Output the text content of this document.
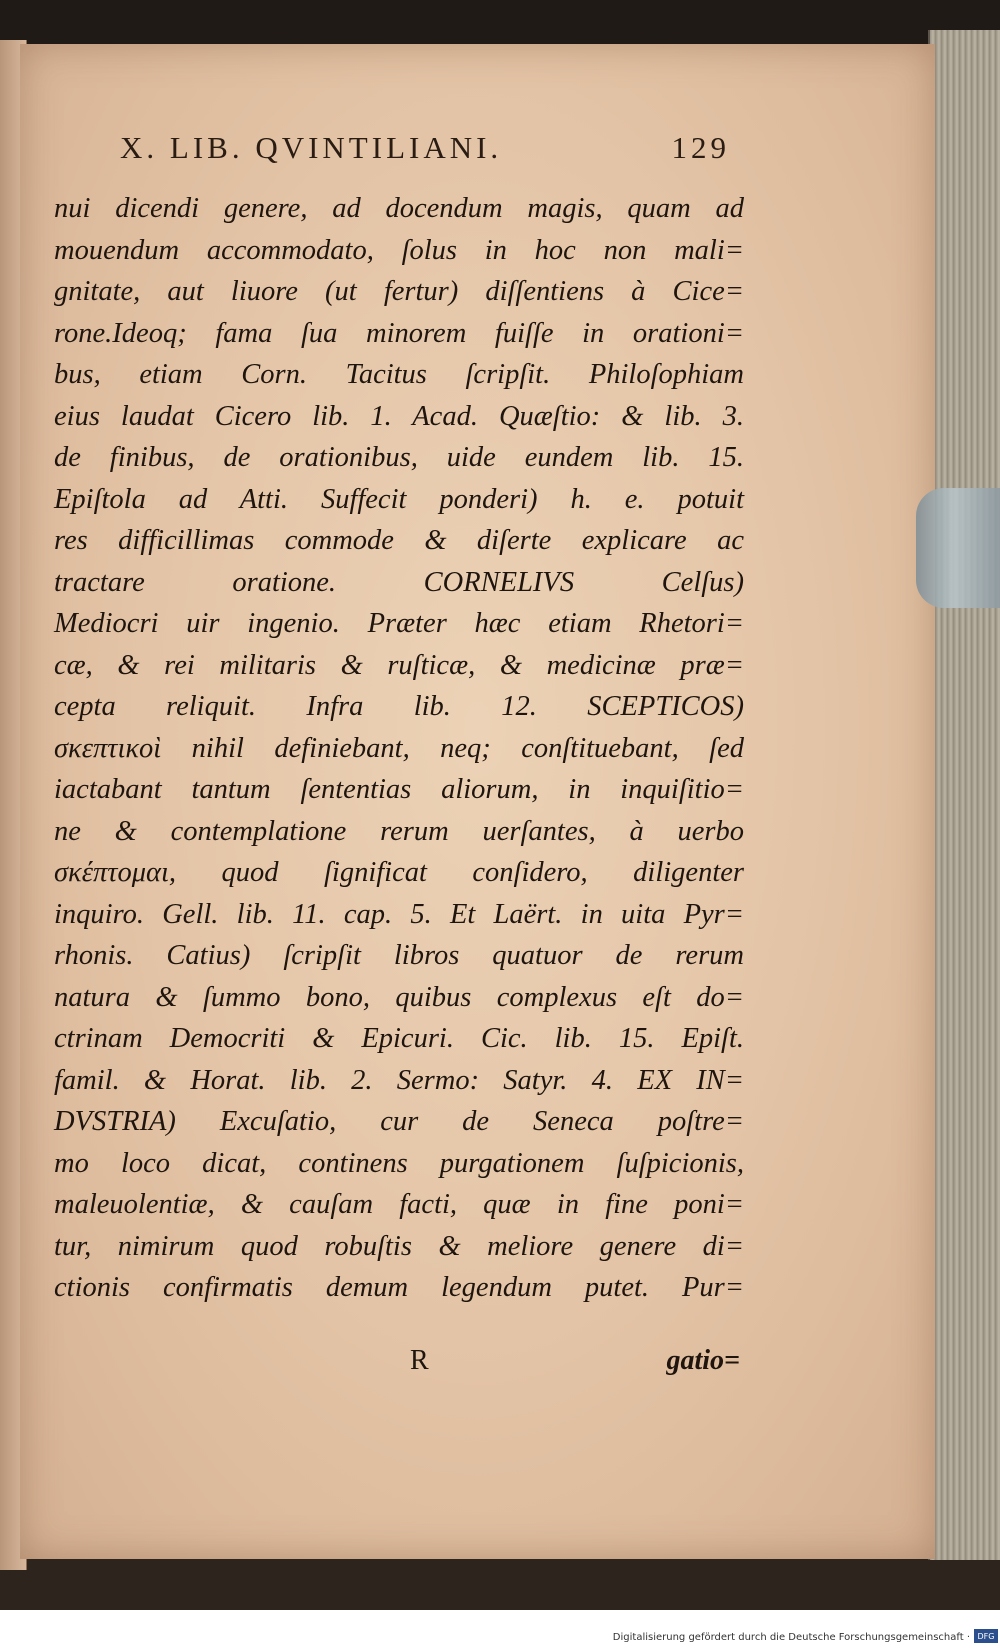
X. LIB. QVINTILIANI.	129
nui dicendi genere, ad docendum magis, quam ad
mouendum accommodato, ſolus in hoc non mali=
gnitate, aut liuore (ut fertur) diſſentiens à Cice=
rone.Ideoq; fama ſua minorem fuiſſe in orationi=
bus, etiam Corn. Tacitus ſcripſit. Philoſophiam
eius laudat Cicero lib. 1. Acad. Quæſtio: & lib. 3.
de finibus, de orationibus, uide eundem lib. 15.
Epiſtola ad Atti. Suffecit ponderi) h. e. potuit
res difficillimas commode & diſerte explicare ac
tractare oratione. CORNELIVS Celſus)
Mediocri uir ingenio. Præter hæc etiam Rhetori=
cæ, & rei militaris & ruſticæ, & medicinæ præ=
cepta reliquit. Infra lib. 12. SCEPTICOS)
σκεπτικοὶ nihil definiebant, neq; conſtituebant, ſed
iactabant tantum ſententias aliorum, in inquiſitio=
ne & contemplatione rerum uerſantes, à uerbo
σκέπτομαι, quod ſignificat conſidero, diligenter
inquiro. Gell. lib. 11. cap. 5. Et Laërt. in uita Pyr=
rhonis. Catius) ſcripſit libros quatuor de rerum
natura & ſummo bono, quibus complexus eſt do=
ctrinam Democriti & Epicuri. Cic. lib. 15. Epiſt.
famil. & Horat. lib. 2. Sermo: Satyr. 4. EX IN=
DVSTRIA) Excuſatio, cur de Seneca poſtre=
mo loco dicat, continens purgationem ſuſpicionis,
maleuolentiæ, & cauſam facti, quæ in fine poni=
tur, nimirum quod robuſtis & meliore genere di=
ctionis confirmatis demum legendum putet. Pur=
R	gatio=
Digitalisierung gefördert durch die Deutsche Forschungsgemeinschaft · DFG
